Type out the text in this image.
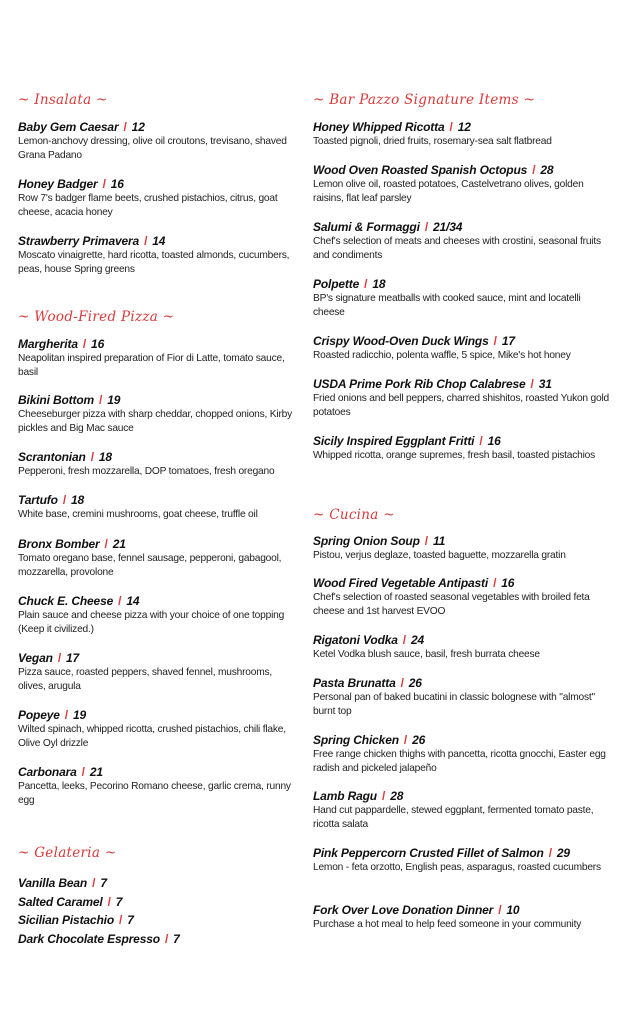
~ Insalata ~
Baby Gem Caesar / 12
Lemon-anchovy dressing, olive oil croutons, trevisano, shaved Grana Padano
Honey Badger / 16
Row 7's badger flame beets, crushed pistachios, citrus, goat cheese, acacia honey
Strawberry Primavera / 14
Moscato vinaigrette, hard ricotta, toasted almonds, cucumbers, peas, house Spring greens
~ Wood-Fired Pizza ~
Margherita / 16
Neapolitan inspired preparation of Fior di Latte, tomato sauce, basil
Bikini Bottom / 19
Cheeseburger pizza with sharp cheddar, chopped onions, Kirby pickles and Big Mac sauce
Scrantonian / 18
Pepperoni, fresh mozzarella, DOP tomatoes, fresh oregano
Tartufo / 18
White base, cremini mushrooms, goat cheese, truffle oil
Bronx Bomber / 21
Tomato oregano base, fennel sausage, pepperoni, gabagool, mozzarella, provolone
Chuck E. Cheese / 14
Plain sauce and cheese pizza with your choice of one topping (Keep it civilized.)
Vegan / 17
Pizza sauce, roasted peppers, shaved fennel, mushrooms, olives, arugula
Popeye / 19
Wilted spinach, whipped ricotta, crushed pistachios, chili flake, Olive Oyl drizzle
Carbonara / 21
Pancetta, leeks, Pecorino Romano cheese, garlic crema, runny egg
~ Gelateria ~
Vanilla Bean / 7
Salted Caramel / 7
Sicilian Pistachio / 7
Dark Chocolate Espresso / 7
~ Bar Pazzo Signature Items ~
Honey Whipped Ricotta / 12
Toasted pignoli, dried fruits, rosemary-sea salt flatbread
Wood Oven Roasted Spanish Octopus / 28
Lemon olive oil, roasted potatoes, Castelvetrano olives, golden raisins, flat leaf parsley
Salumi & Formaggi / 21/34
Chef's selection of meats and cheeses with crostini, seasonal fruits and condiments
Polpette / 18
BP's signature meatballs with cooked sauce, mint and locatelli cheese
Crispy Wood-Oven Duck Wings / 17
Roasted radicchio, polenta waffle, 5 spice, Mike's hot honey
USDA Prime Pork Rib Chop Calabrese / 31
Fried onions and bell peppers, charred shishitos, roasted Yukon gold potatoes
Sicily Inspired Eggplant Fritti / 16
Whipped ricotta, orange supremes, fresh basil, toasted pistachios
~ Cucina ~
Spring Onion Soup / 11
Pistou, verjus deglaze, toasted baguette, mozzarella gratin
Wood Fired Vegetable Antipasti / 16
Chef's selection of roasted seasonal vegetables with broiled feta cheese and 1st harvest EVOO
Rigatoni Vodka / 24
Ketel Vodka blush sauce, basil, fresh burrata cheese
Pasta Brunatta / 26
Personal pan of baked bucatini in classic bolognese with "almost" burnt top
Spring Chicken / 26
Free range chicken thighs with pancetta, ricotta gnocchi, Easter egg radish and pickeled jalapeño
Lamb Ragu / 28
Hand cut pappardelle, stewed eggplant, fermented tomato paste, ricotta salata
Pink Peppercorn Crusted Fillet of Salmon / 29
Lemon - feta orzotto, English peas, asparagus, roasted cucumbers
Fork Over Love Donation Dinner / 10
Purchase a hot meal to help feed someone in your community
